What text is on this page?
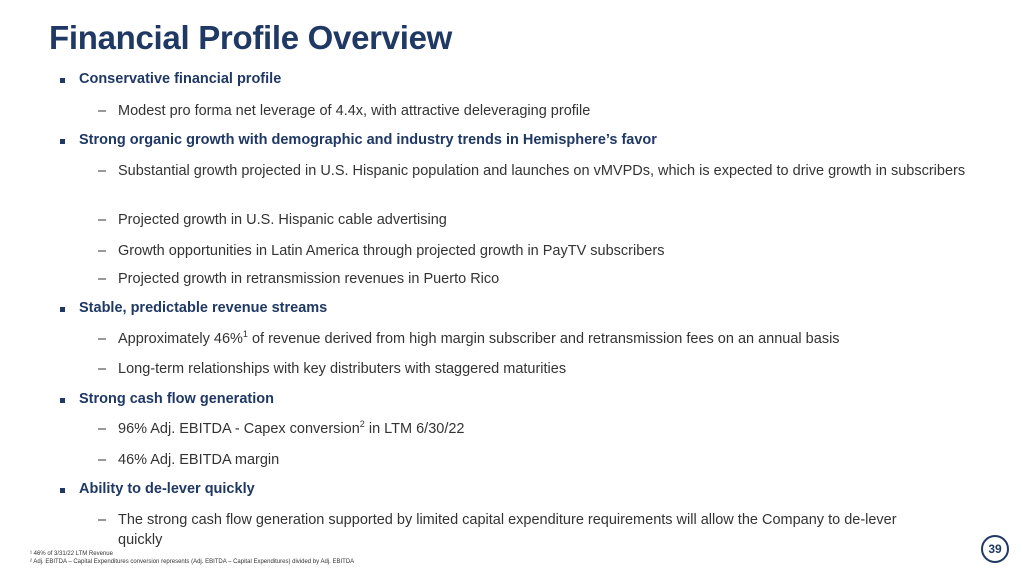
Financial Profile Overview
Conservative financial profile
– Modest pro forma net leverage of 4.4x, with attractive deleveraging profile
Strong organic growth with demographic and industry trends in Hemisphere’s favor
– Substantial growth projected in U.S. Hispanic population and launches on vMVPDs, which is expected to drive growth in subscribers
– Projected growth in U.S. Hispanic cable advertising
– Growth opportunities in Latin America through projected growth in PayTV subscribers
– Projected growth in retransmission revenues in Puerto Rico
Stable, predictable revenue streams
– Approximately 46%$^1$ of revenue derived from high margin subscriber and retransmission fees on an annual basis
– Long-term relationships with key distributers with staggered maturities
Strong cash flow generation
– 96% Adj. EBITDA - Capex conversion$^2$ in LTM 6/30/22
– 46% Adj. EBITDA margin
Ability to de-lever quickly
– The strong cash flow generation supported by limited capital expenditure requirements will allow the Company to de-lever quickly
¹ 46% of 3/31/22 LTM Revenue
² Adj. EBITDA – Capital Expenditures conversion represents (Adj. EBITDA – Capital Expenditures) divided by Adj. EBITDA
39
